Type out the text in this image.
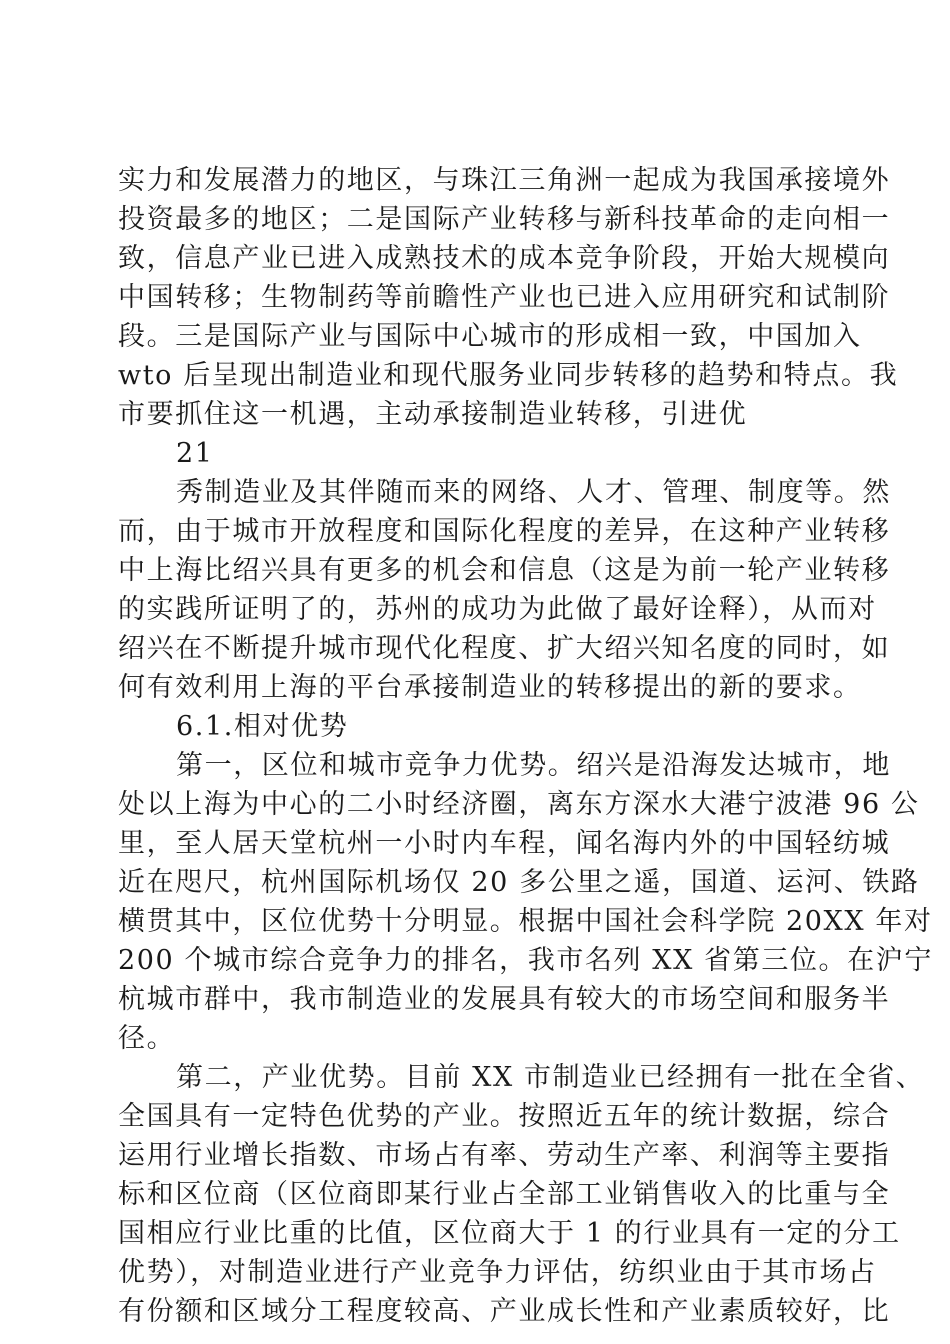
实力和发展潜力的地区，与珠江三角洲一起成为我国承接境外
投资最多的地区；二是国际产业转移与新科技革命的走向相一
致，信息产业已进入成熟技术的成本竞争阶段，开始大规模向
中国转移；生物制药等前瞻性产业也已进入应用研究和试制阶
段。三是国际产业与国际中心城市的形成相一致，中国加入
wto 后呈现出制造业和现代服务业同步转移的趋势和特点。我
市要抓住这一机遇，主动承接制造业转移，引进优
21
秀制造业及其伴随而来的网络、人才、管理、制度等。然
而，由于城市开放程度和国际化程度的差异，在这种产业转移
中上海比绍兴具有更多的机会和信息（这是为前一轮产业转移
的实践所证明了的，苏州的成功为此做了最好诠释），从而对
绍兴在不断提升城市现代化程度、扩大绍兴知名度的同时，如
何有效利用上海的平台承接制造业的转移提出的新的要求。
6.1.相对优势
第一，区位和城市竞争力优势。绍兴是沿海发达城市，地
处以上海为中心的二小时经济圈，离东方深水大港宁波港 96 公
里，至人居天堂杭州一小时内车程，闻名海内外的中国轻纺城
近在咫尺，杭州国际机场仅 20 多公里之遥，国道、运河、铁路
横贯其中，区位优势十分明显。根据中国社会科学院 20XX 年对
200 个城市综合竞争力的排名，我市名列 XX 省第三位。在沪宁
杭城市群中，我市制造业的发展具有较大的市场空间和服务半
径。
第二，产业优势。目前 XX 市制造业已经拥有一批在全省、
全国具有一定特色优势的产业。按照近五年的统计数据，综合
运用行业增长指数、市场占有率、劳动生产率、利润等主要指
标和区位商（区位商即某行业占全部工业销售收入的比重与全
国相应行业比重的比值，区位商大于 1 的行业具有一定的分工
优势），对制造业进行产业竞争力评估，纺织业由于其市场占
有份额和区域分工程度较高、产业成长性和产业素质较好，比
